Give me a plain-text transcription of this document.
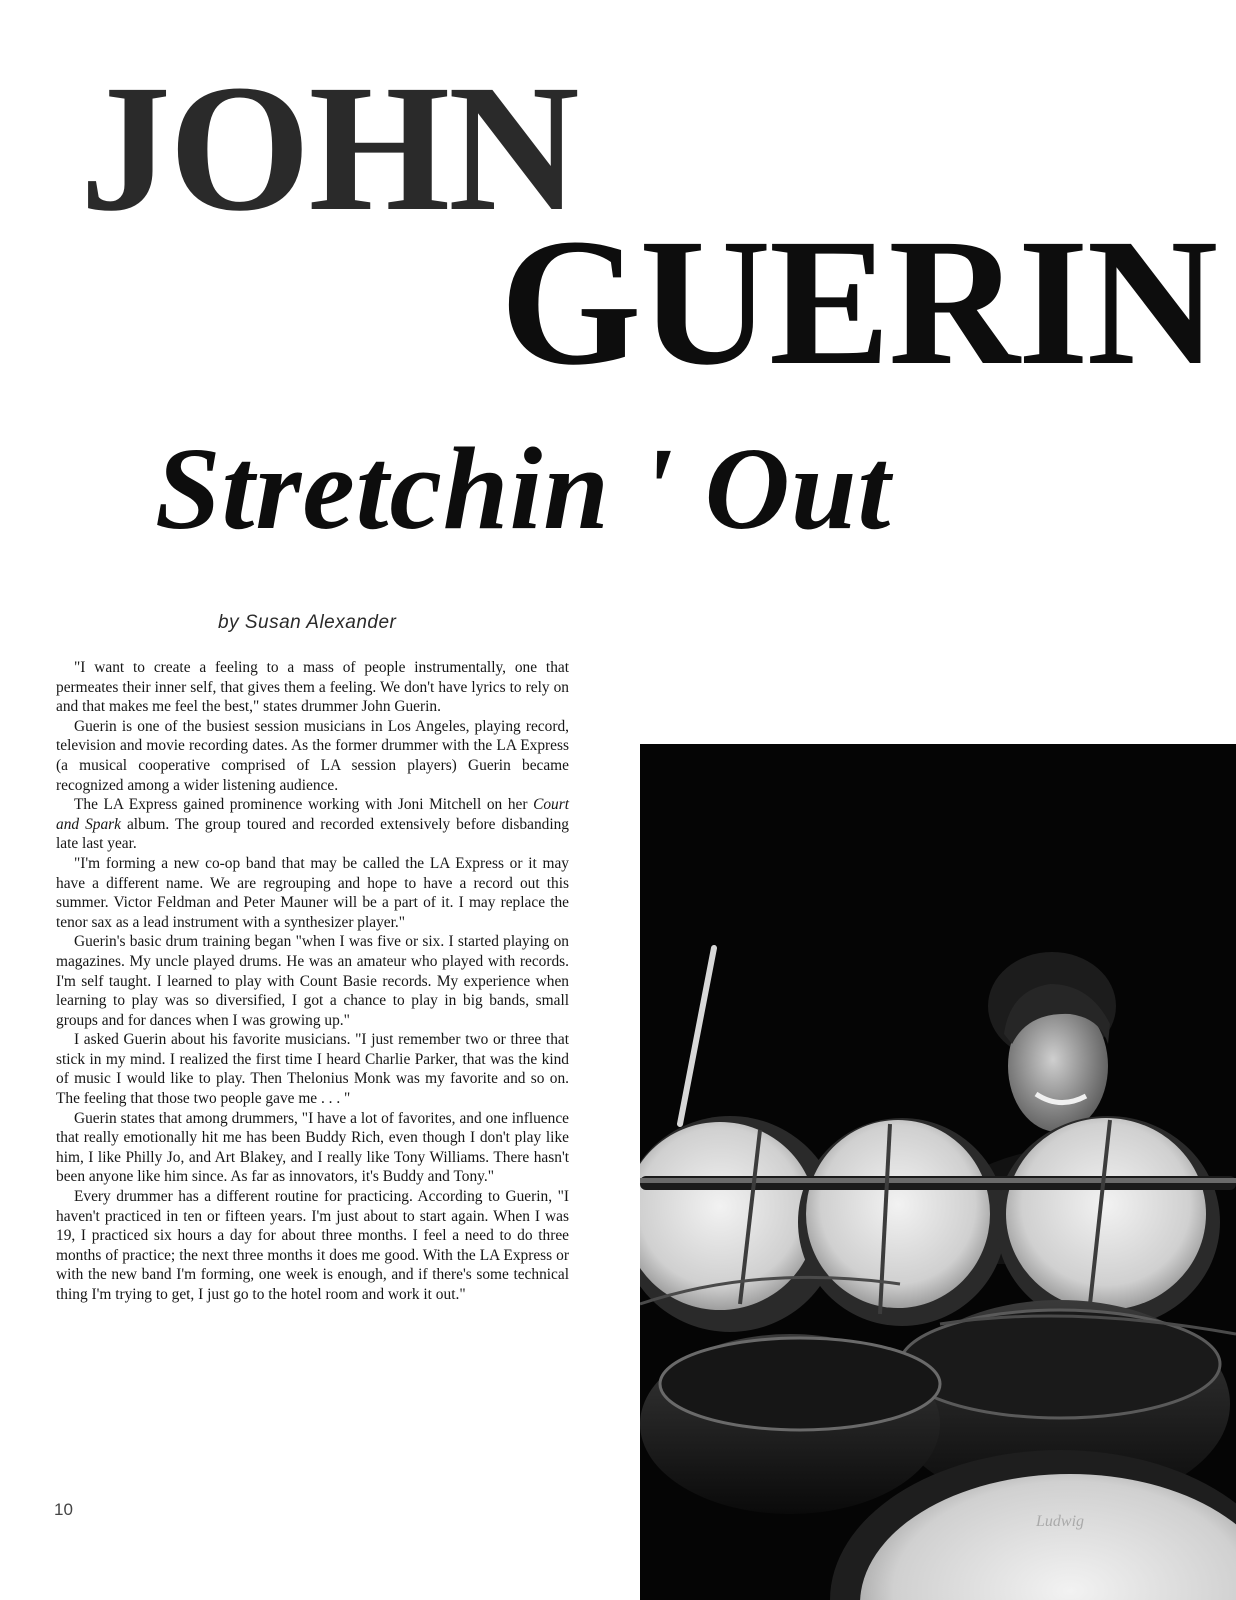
JOHN
GUERIN
Stretchin ' Out
by Susan Alexander

"I want to create a feeling to a mass of people instrumentally, one that permeates their inner self, that gives them a feeling. We don't have lyrics to rely on and that makes me feel the best," states drummer John Guerin.

Guerin is one of the busiest session musicians in Los Angeles, playing record, television and movie recording dates. As the former drummer with the LA Express (a musical cooperative comprised of LA session players) Guerin became recognized among a wider listening audience.

The LA Express gained prominence working with Joni Mitchell on her Court and Spark album. The group toured and recorded extensively before disbanding late last year.

"I'm forming a new co-op band that may be called the LA Express or it may have a different name. We are regrouping and hope to have a record out this summer. Victor Feldman and Peter Mauner will be a part of it. I may replace the tenor sax as a lead instrument with a synthesizer player."

Guerin's basic drum training began "when I was five or six. I started playing on magazines. My uncle played drums. He was an amateur who played with records. I'm self taught. I learned to play with Count Basie records. My experience when learning to play was so diversified, I got a chance to play in big bands, small groups and for dances when I was growing up."

I asked Guerin about his favorite musicians. "I just remember two or three that stick in my mind. I realized the first time I heard Charlie Parker, that was the kind of music I would like to play. Then Thelonius Monk was my favorite and so on. The feeling that those two people gave me . . . "

Guerin states that among drummers, "I have a lot of favorites, and one influence that really emotionally hit me has been Buddy Rich, even though I don't play like him, I like Philly Jo, and Art Blakey, and I really like Tony Williams. There hasn't been anyone like him since. As far as innovators, it's Buddy and Tony."

Every drummer has a different routine for practicing. According to Guerin, "I haven't practiced in ten or fifteen years. I'm just about to start again. When I was 19, I practiced six hours a day for about three months. I feel a need to do three months of practice; the next three months it does me good. With the LA Express or with the new band I'm forming, one week is enough, and if there's some technical thing I'm trying to get, I just go to the hotel room and work it out."

10
Ludwig
